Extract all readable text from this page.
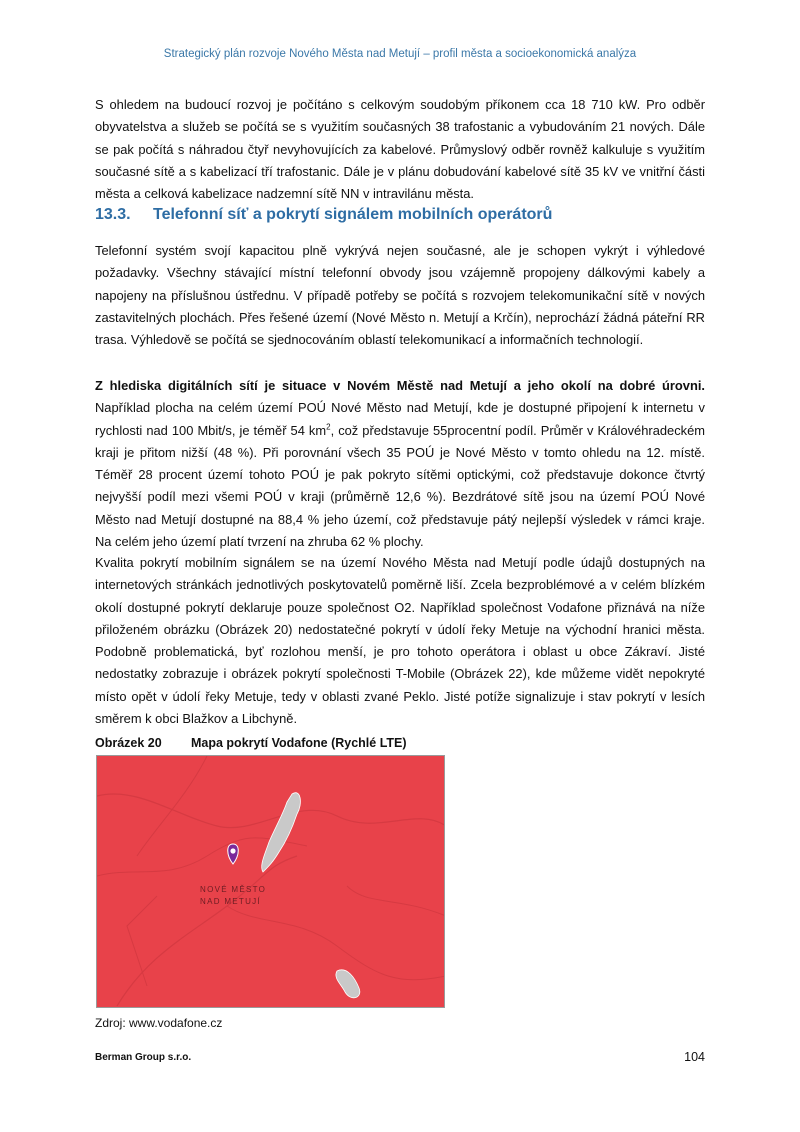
Strategický plán rozvoje Nového Města nad Metují – profil města a socioekonomická analýza

S ohledem na budoucí rozvoj je počítáno s celkovým soudobým příkonem cca 18 710 kW. Pro odběr obyvatelstva a služeb se počítá se s využitím současných 38 trafostanic a vybudováním 21 nových. Dále se pak počítá s náhradou čtyř nevyhovujících za kabelové. Průmyslový odběr rovněž kalkuluje s využitím současné sítě a s kabelizací tří trafostanic. Dále je v plánu dobudování kabelové sítě 35 kV ve vnitřní části města a celková kabelizace nadzemní sítě NN v intravilánu města.

13.3. Telefonní síť a pokrytí signálem mobilních operátorů

Telefonní systém svojí kapacitou plně vykrývá nejen současné, ale je schopen vykrýt i výhledové požadavky. Všechny stávající místní telefonní obvody jsou vzájemně propojeny dálkovými kabely a napojeny na příslušnou ústřednu. V případě potřeby se počítá s rozvojem telekomunikační sítě v nových zastavitelných plochách. Přes řešené území (Nové Město n. Metují a Krčín), neprochází žádná páteřní RR trasa. Výhledově se počítá se sjednocováním oblastí telekomunikací a informačních technologií.

Z hlediska digitálních sítí je situace v Novém Městě nad Metují a jeho okolí na dobré úrovni. Například plocha na celém území POÚ Nové Město nad Metují, kde je dostupné připojení k internetu v rychlosti nad 100 Mbit/s, je téměř 54 $km^2$, což představuje 55procentní podíl. Průměr v Královéhradeckém kraji je přitom nižší (48 %). Při porovnání všech 35 POÚ je Nové Město v tomto ohledu na 12. místě. Téměř 28 procent území tohoto POÚ je pak pokryto sítěmi optickými, což představuje dokonce čtvrtý nejvyšší podíl mezi všemi POÚ v kraji (průměrně 12,6 %). Bezdrátové sítě jsou na území POÚ Nové Město nad Metují dostupné na 88,4 % jeho území, což představuje pátý nejlepší výsledek v rámci kraje. Na celém jeho území platí tvrzení na zhruba 62 % plochy.

Kvalita pokrytí mobilním signálem se na území Nového Města nad Metují podle údajů dostupných na internetových stránkách jednotlivých poskytovatelů poměrně liší. Zcela bezproblémové a v celém blízkém okolí dostupné pokrytí deklaruje pouze společnost O2. Například společnost Vodafone přiznává na níže přiloženém obrázku (Obrázek 20) nedostatečné pokrytí v údolí řeky Metuje na východní hranici města. Podobně problematická, byť rozlohou menší, je pro tohoto operátora i oblast u obce Zákraví. Jisté nedostatky zobrazuje i obrázek pokrytí společnosti T-Mobile (Obrázek 22), kde můžeme vidět nepokryté místo opět v údolí řeky Metuje, tedy v oblasti zvané Peklo. Jisté potíže signalizuje i stav pokrytí v lesích směrem k obci Blažkov a Libchyně.

Obrázek 20 Mapa pokrytí Vodafone (Rychlé LTE)
NOVÉ MĚSTO
NAD METUJÍ
Zdroj: www.vodafone.cz
Berman Group s.r.o.	104
